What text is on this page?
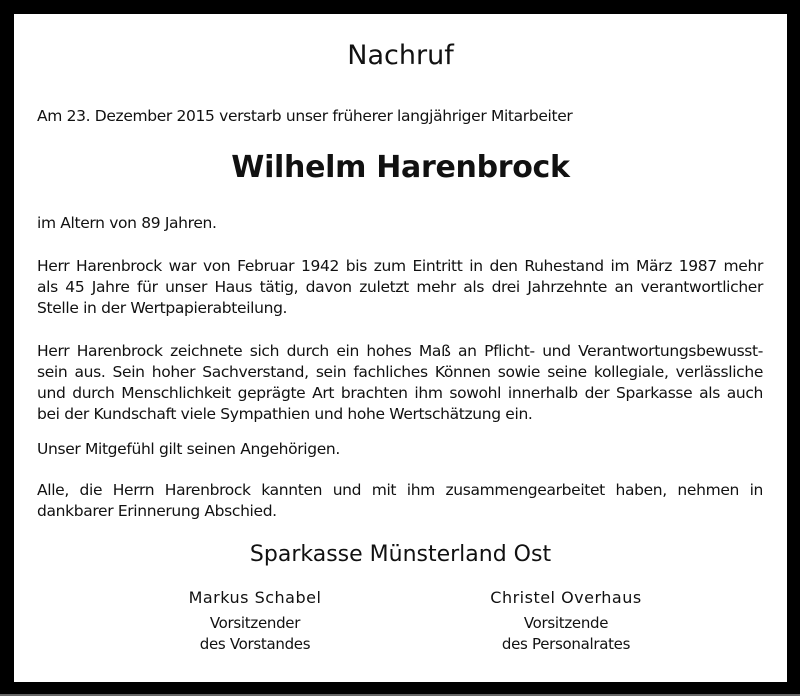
Nachruf
Am 23. Dezember 2015 verstarb unser früherer langjähriger Mitarbeiter
Wilhelm Harenbrock
im Altern von 89 Jahren.
Herr Harenbrock war von Februar 1942 bis zum Eintritt in den Ruhestand im März 1987 mehr
als 45 Jahre für unser Haus tätig, davon zuletzt mehr als drei Jahrzehnte an verantwortlicher
Stelle in der Wertpapierabteilung.
Herr Harenbrock zeichnete sich durch ein hohes Maß an Pflicht- und Verantwortungsbewusst-
sein aus. Sein hoher Sachverstand, sein fachliches Können sowie seine kollegiale, verlässliche
und durch Menschlichkeit geprägte Art brachten ihm sowohl innerhalb der Sparkasse als auch
bei der Kundschaft viele Sympathien und hohe Wertschätzung ein.
Unser Mitgefühl gilt seinen Angehörigen.
Alle, die Herrn Harenbrock kannten und mit ihm zusammengearbeitet haben, nehmen in
dankbarer Erinnerung Abschied.
Sparkasse Münsterland Ost
Markus Schabel
Vorsitzender
des Vorstandes
Christel Overhaus
Vorsitzende
des Personalrates
